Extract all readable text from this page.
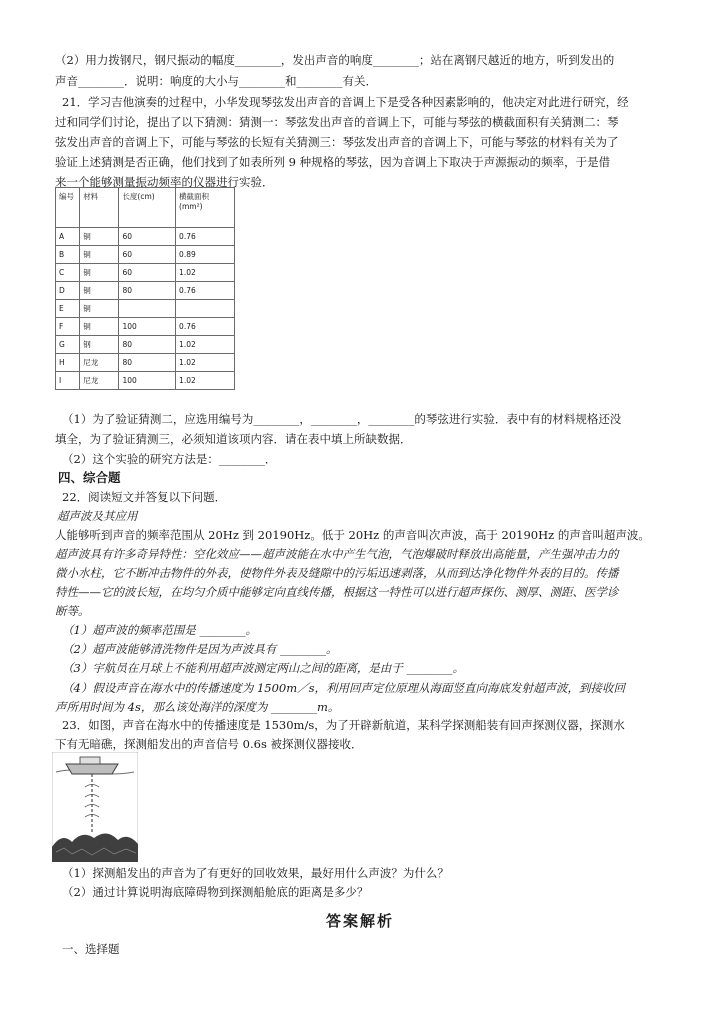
（2）用力拨钢尺，钢尺振动的幅度________，发出声音的响度________；站在离钢尺越近的地方，听到发出的
声音________．说明：响度的大小与________和________有关．
21．学习吉他演奏的过程中，小华发现琴弦发出声音的音调上下是受各种因素影响的，他决定对此进行研究，经
过和同学们讨论，提出了以下猜测：猜测一：琴弦发出声音的音调上下，可能与琴弦的横截面积有关猜测二：琴
弦发出声音的音调上下，可能与琴弦的长短有关猜测三：琴弦发出声音的音调上下，可能与琴弦的材料有关为了
验证上述猜测是否正确，他们找到了如表所列 9 种规格的琴弦，因为音调上下取决于声源振动的频率，于是借
来一个能够测量振动频率的仪器进行实验．
编号	材料	长度(cm)	横截面积(mm²)
A	铜	60	0.76
B	铜	60	0.89
C	铜	60	1.02
D	铜	80	0.76
E	铜		
F	铜	100	0.76
G	钢	80	1.02
H	尼龙	80	1.02
I	尼龙	100	1.02
（1）为了验证猜测二，应选用编号为________，________，________的琴弦进行实验．表中有的材料规格还没
填全，为了验证猜测三，必须知道该项内容．请在表中填上所缺数据．
（2）这个实验的研究方法是：________．
四、综合题
22．阅读短文并答复以下问题．
超声波及其应用
人能够听到声音的频率范围从 20Hz 到 20190Hz。低于 20Hz 的声音叫次声波，高于 20190Hz 的声音叫超声波。
超声波具有许多奇异特性：空化效应——超声波能在水中产生气泡，气泡爆破时释放出高能量，产生强冲击力的
微小水柱，它不断冲击物件的外表，使物件外表及缝隙中的污垢迅速剥落，从而到达净化物件外表的目的。传播
特性——它的波长短，在均匀介质中能够定向直线传播，根据这一特性可以进行超声探伤、测厚、测距、医学诊
断等。
（1）超声波的频率范围是 ________。
（2）超声波能够清洗物件是因为声波具有 ________。
（3）宇航员在月球上不能利用超声波测定两山之间的距离，是由于 ________。
（4）假设声音在海水中的传播速度为 1500m／s，利用回声定位原理从海面竖直向海底发射超声波，到接收回
声所用时间为 4s，那么该处海洋的深度为 ________m。
23．如图，声音在海水中的传播速度是 1530m/s，为了开辟新航道，某科学探测船装有回声探测仪器，探测水
下有无暗礁，探测船发出的声音信号 0.6s 被探测仪器接收．
（1）探测船发出的声音为了有更好的回收效果，最好用什么声波？为什么？
（2）通过计算说明海底障碍物到探测船舱底的距离是多少？
答案解析
一、选择题
